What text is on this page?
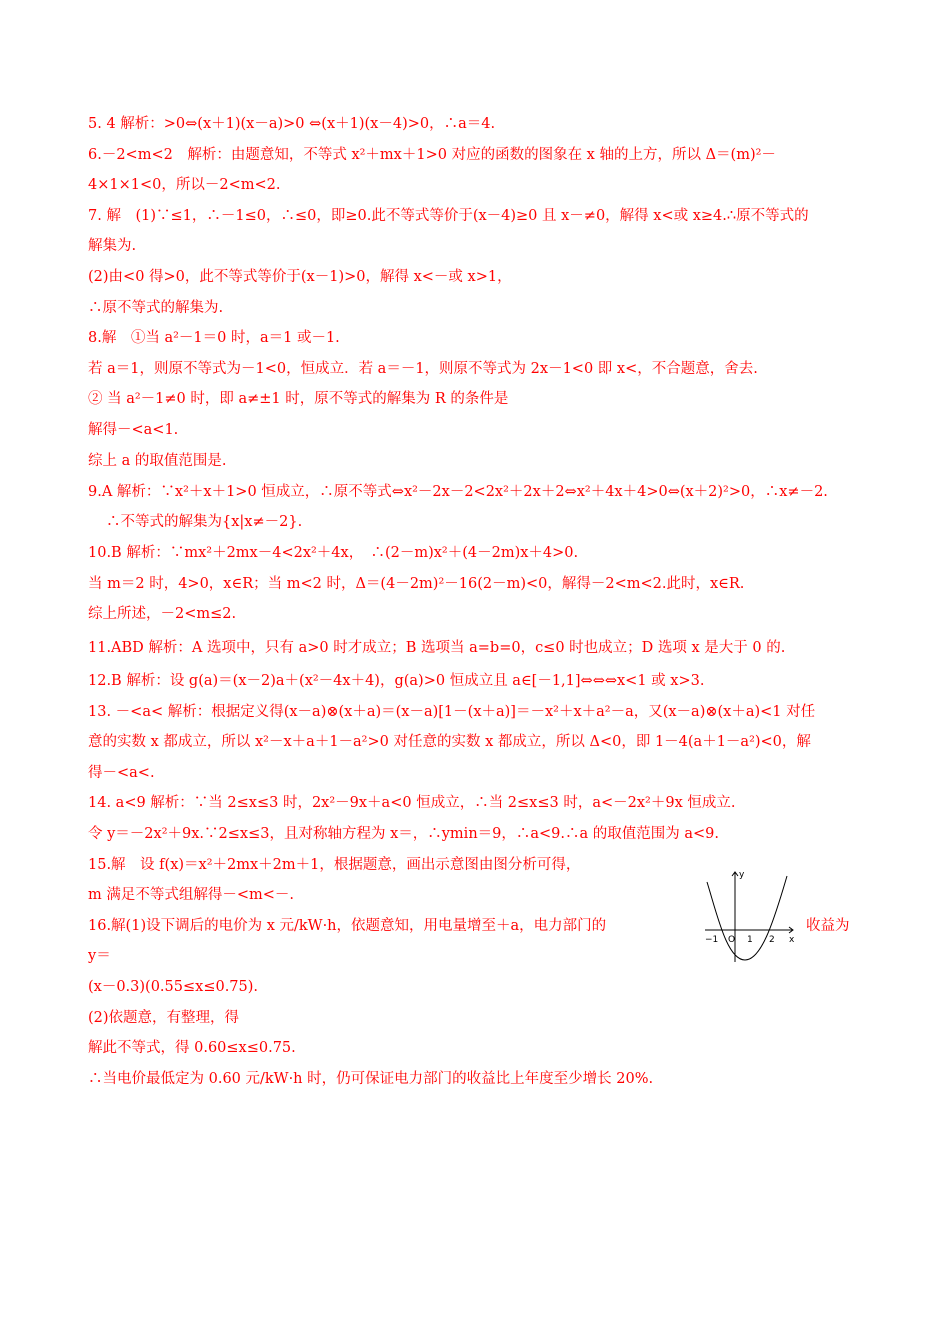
5. 4 解析：>0⇔(x＋1)(x－a)>0 ⇔(x＋1)(x－4)>0，∴a＝4.
6.－2<m<2　解析：由题意知，不等式 x²＋mx＋1>0 对应的函数的图象在 x 轴的上方，所以 Δ＝(m)²－
4×1×1<0，所以－2<m<2.
7. 解　(1)∵≤1，∴－1≤0，∴≤0，即≥0.此不等式等价于(x－4)≥0 且 x－≠0，解得 x<或 x≥4.∴原不等式的
解集为.
(2)由<0 得>0，此不等式等价于(x－1)>0，解得 x<－或 x>1，
∴原不等式的解集为.
8.解　①当 a²－1＝0 时，a＝1 或－1.
若 a＝1，则原不等式为－1<0，恒成立．若 a＝－1，则原不等式为 2x－1<0 即 x<，不合题意，舍去.
② 当 a²－1≠0 时，即 a≠±1 时，原不等式的解集为 R 的条件是
解得－<a<1.
综上 a 的取值范围是.
9.A 解析：∵x²＋x＋1>0 恒成立，∴原不等式⇔x²－2x－2<2x²＋2x＋2⇔x²＋4x＋4>0⇔(x＋2)²>0，∴x≠－2.
∴不等式的解集为{x|x≠－2}.
10.B 解析：∵mx²＋2mx－4<2x²＋4x，　∴(2－m)x²＋(4－2m)x＋4>0.
当 m＝2 时，4>0，x∈R；当 m<2 时，Δ＝(4－2m)²－16(2－m)<0，解得－2<m<2.此时，x∈R.
综上所述，－2<m≤2.
11.ABD 解析：A 选项中，只有 a>0 时才成立；B 选项当 a=b=0，c≤0 时也成立；D 选项 x 是大于 0 的.
12.B 解析：设 g(a)＝(x－2)a＋(x²－4x＋4)，g(a)>0 恒成立且 a∈[－1,1]⇔⇔⇔x<1 或 x>3.
13. －<a< 解析：根据定义得(x－a)⊗(x＋a)＝(x－a)[1－(x＋a)]＝－x²＋x＋a²－a，又(x－a)⊗(x＋a)<1 对任
意的实数 x 都成立，所以 x²－x＋a＋1－a²>0 对任意的实数 x 都成立，所以 Δ<0，即 1－4(a＋1－a²)<0，解
得－<a<.
14. a<9 解析：∵当 2≤x≤3 时，2x²－9x＋a<0 恒成立，∴当 2≤x≤3 时，a<－2x²＋9x 恒成立.
令 y＝－2x²＋9x.∵2≤x≤3，且对称轴方程为 x＝，∴ymin＝9，∴a<9.∴a 的取值范围为 a<9.
15.解　设 f(x)＝x²＋2mx＋2m＋1，根据题意，画出示意图由图分析可得，
m 满足不等式组解得－<m<－.
16.解(1)设下调后的电价为 x 元/kW·h，依题意知，用电量增至＋a，电力部门的	收益为
y＝
(x－0.3)(0.55≤x≤0.75).
(2)依题意，有整理，得
解此不等式，得 0.60≤x≤0.75.
∴当电价最低定为 0.60 元/kW·h 时，仍可保证电力部门的收益比上年度至少增长 20%.
y
x
−1 O 1 2
